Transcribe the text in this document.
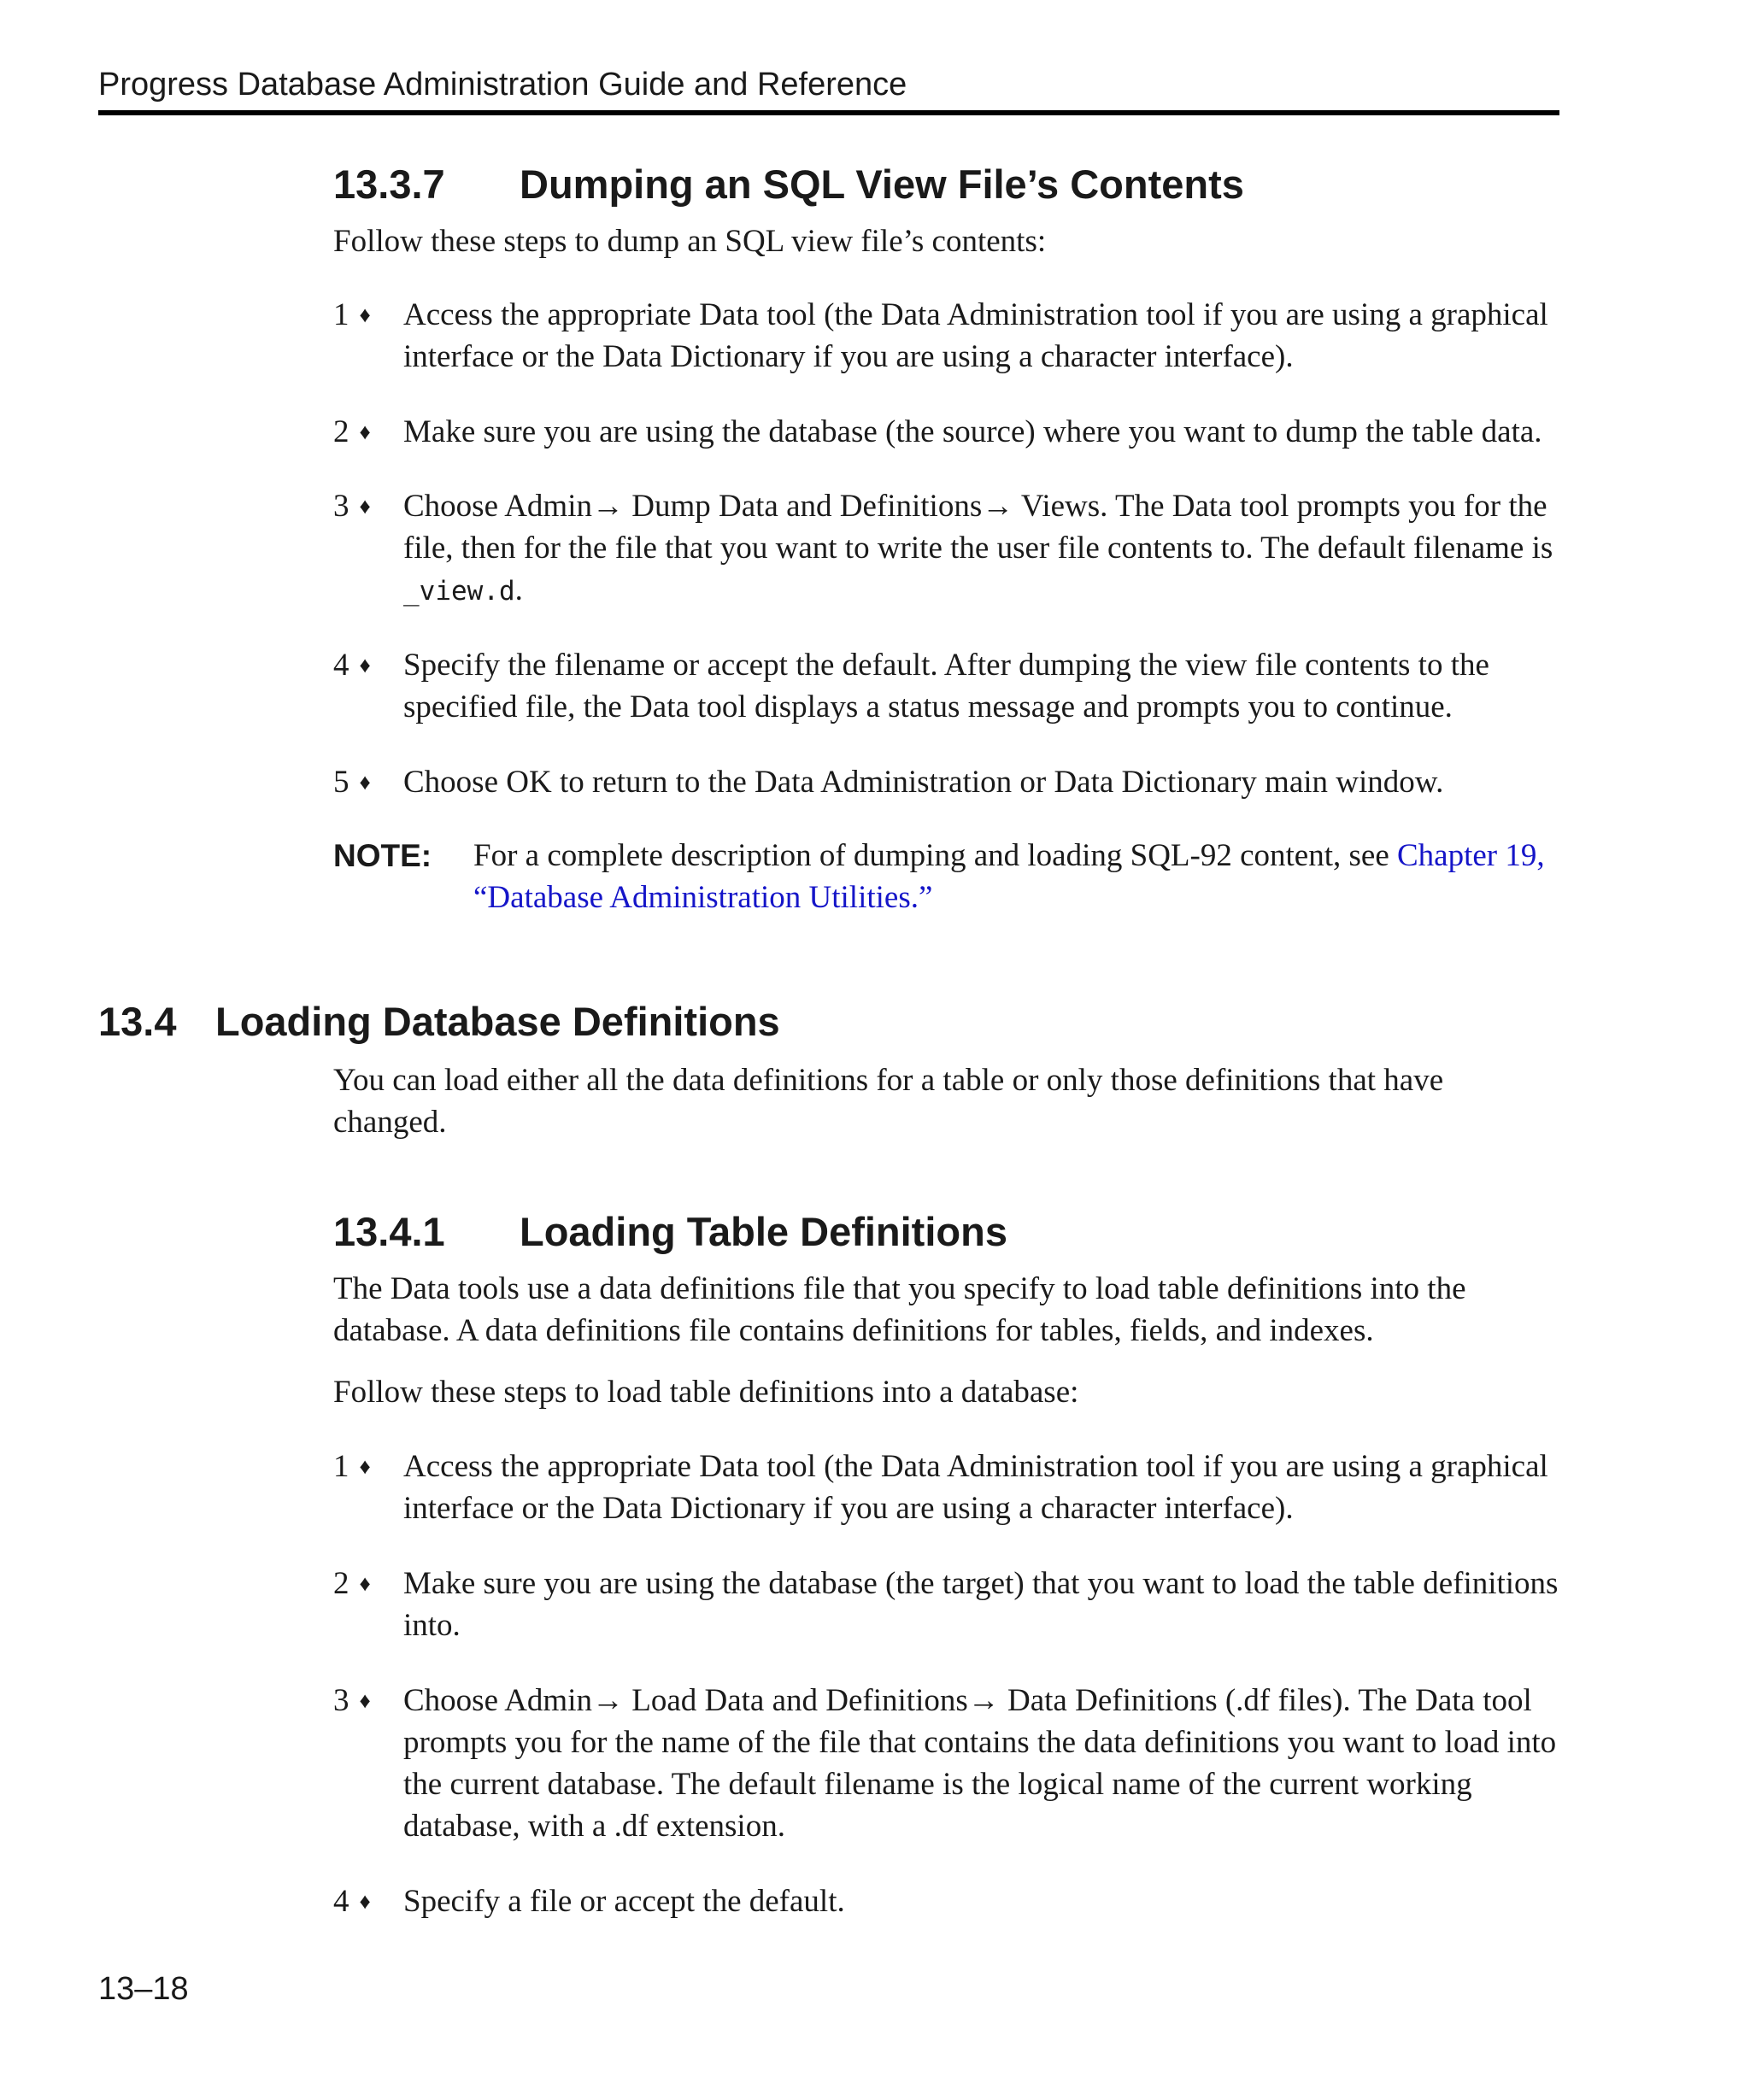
Progress Database Administration Guide and Reference
13.3.7 Dumping an SQL View File’s Contents

Follow these steps to dump an SQL view file’s contents:

1 ♦	Access the appropriate Data tool (the Data Administration tool if you are using a graphical interface or the Data Dictionary if you are using a character interface).
2 ♦	Make sure you are using the database (the source) where you want to dump the table data.
3 ♦	Choose Admin→ Dump Data and Definitions→ Views. The Data tool prompts you for the file, then for the file that you want to write the user file contents to. The default filename is _view.d.
4 ♦	Specify the filename or accept the default. After dumping the view file contents to the specified file, the Data tool displays a status message and prompts you to continue.
5 ♦	Choose OK to return to the Data Administration or Data Dictionary main window.
NOTE: For a complete description of dumping and loading SQL-92 content, see Chapter 19, “Database Administration Utilities.”
13.4 Loading Database Definitions

You can load either all the data definitions for a table or only those definitions that have changed.

13.4.1 Loading Table Definitions

The Data tools use a data definitions file that you specify to load table definitions into the database. A data definitions file contains definitions for tables, fields, and indexes.

Follow these steps to load table definitions into a database:

1 ♦	Access the appropriate Data tool (the Data Administration tool if you are using a graphical interface or the Data Dictionary if you are using a character interface).
2 ♦	Make sure you are using the database (the target) that you want to load the table definitions into.
3 ♦	Choose Admin→ Load Data and Definitions→ Data Definitions (.df files). The Data tool prompts you for the name of the file that contains the data definitions you want to load into the current database. The default filename is the logical name of the current working database, with a .df extension.
4 ♦	Specify a file or accept the default.
13–18
